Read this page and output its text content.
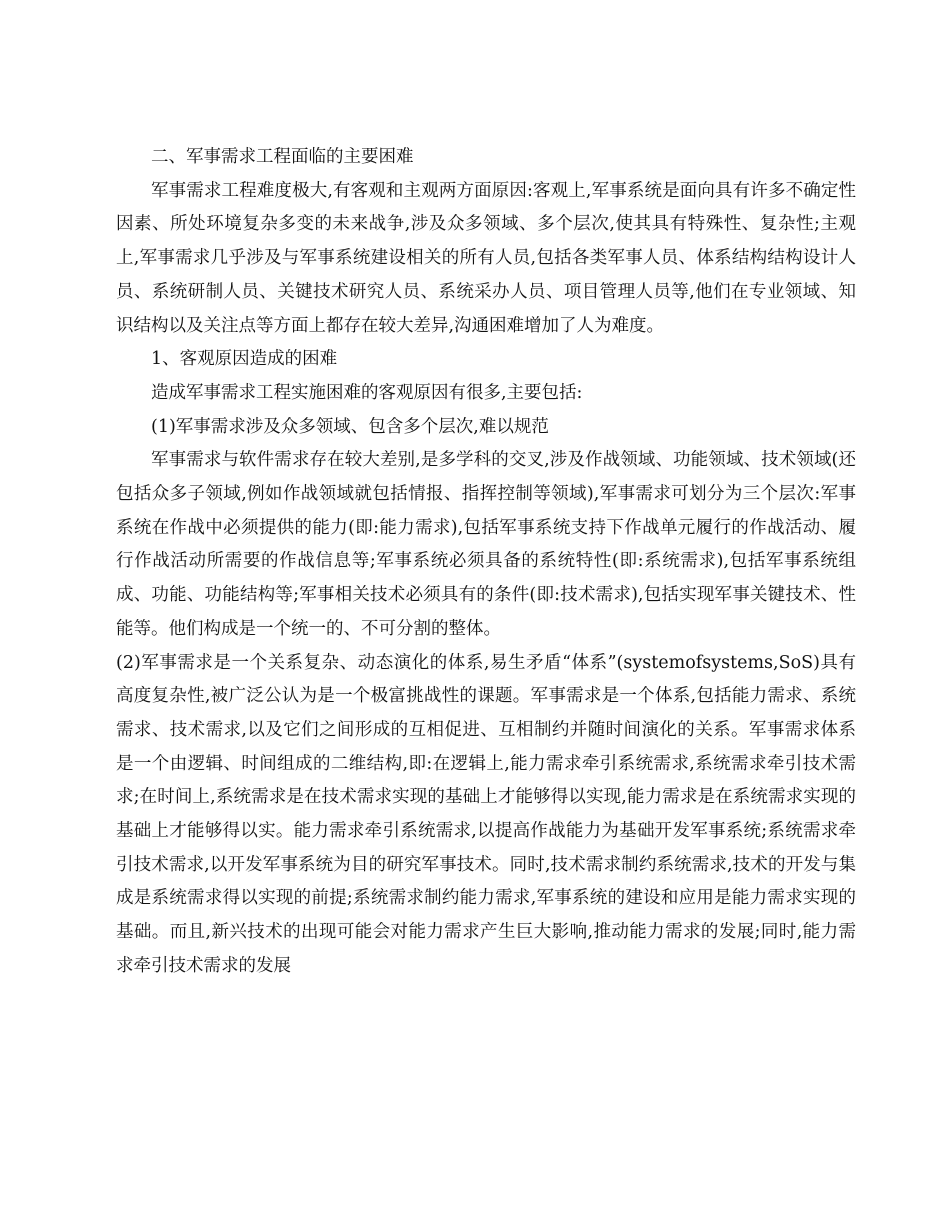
二、军事需求工程面临的主要困难

军事需求工程难度极大,有客观和主观两方面原因:客观上,军事系统是面向具有许多不确定性因素、所处环境复杂多变的未来战争,涉及众多领域、多个层次,使其具有特殊性、复杂性;主观上,军事需求几乎涉及与军事系统建设相关的所有人员,包括各类军事人员、体系结构结构设计人员、系统研制人员、关键技术研究人员、系统采办人员、项目管理人员等,他们在专业领域、知识结构以及关注点等方面上都存在较大差异,沟通困难增加了人为难度。

1、客观原因造成的困难

造成军事需求工程实施困难的客观原因有很多,主要包括:

(1)军事需求涉及众多领域、包含多个层次,难以规范

军事需求与软件需求存在较大差别,是多学科的交叉,涉及作战领域、功能领域、技术领域(还包括众多子领域,例如作战领域就包括情报、指挥控制等领域),军事需求可划分为三个层次:军事系统在作战中必须提供的能力(即:能力需求),包括军事系统支持下作战单元履行的作战活动、履行作战活动所需要的作战信息等;军事系统必须具备的系统特性(即:系统需求),包括军事系统组成、功能、功能结构等;军事相关技术必须具有的条件(即:技术需求),包括实现军事关键技术、性能等。他们构成是一个统一的、不可分割的整体。

(2)军事需求是一个关系复杂、动态演化的体系,易生矛盾“体系”(systemofsystems,SoS)具有高度复杂性,被广泛公认为是一个极富挑战性的课题。军事需求是一个体系,包括能力需求、系统需求、技术需求,以及它们之间形成的互相促进、互相制约并随时间演化的关系。军事需求体系是一个由逻辑、时间组成的二维结构,即:在逻辑上,能力需求牵引系统需求,系统需求牵引技术需求;在时间上,系统需求是在技术需求实现的基础上才能够得以实现,能力需求是在系统需求实现的基础上才能够得以实。能力需求牵引系统需求,以提高作战能力为基础开发军事系统;系统需求牵引技术需求,以开发军事系统为目的研究军事技术。同时,技术需求制约系统需求,技术的开发与集成是系统需求得以实现的前提;系统需求制约能力需求,军事系统的建设和应用是能力需求实现的基础。而且,新兴技术的出现可能会对能力需求产生巨大影响,推动能力需求的发展;同时,能力需求牵引技术需求的发展
